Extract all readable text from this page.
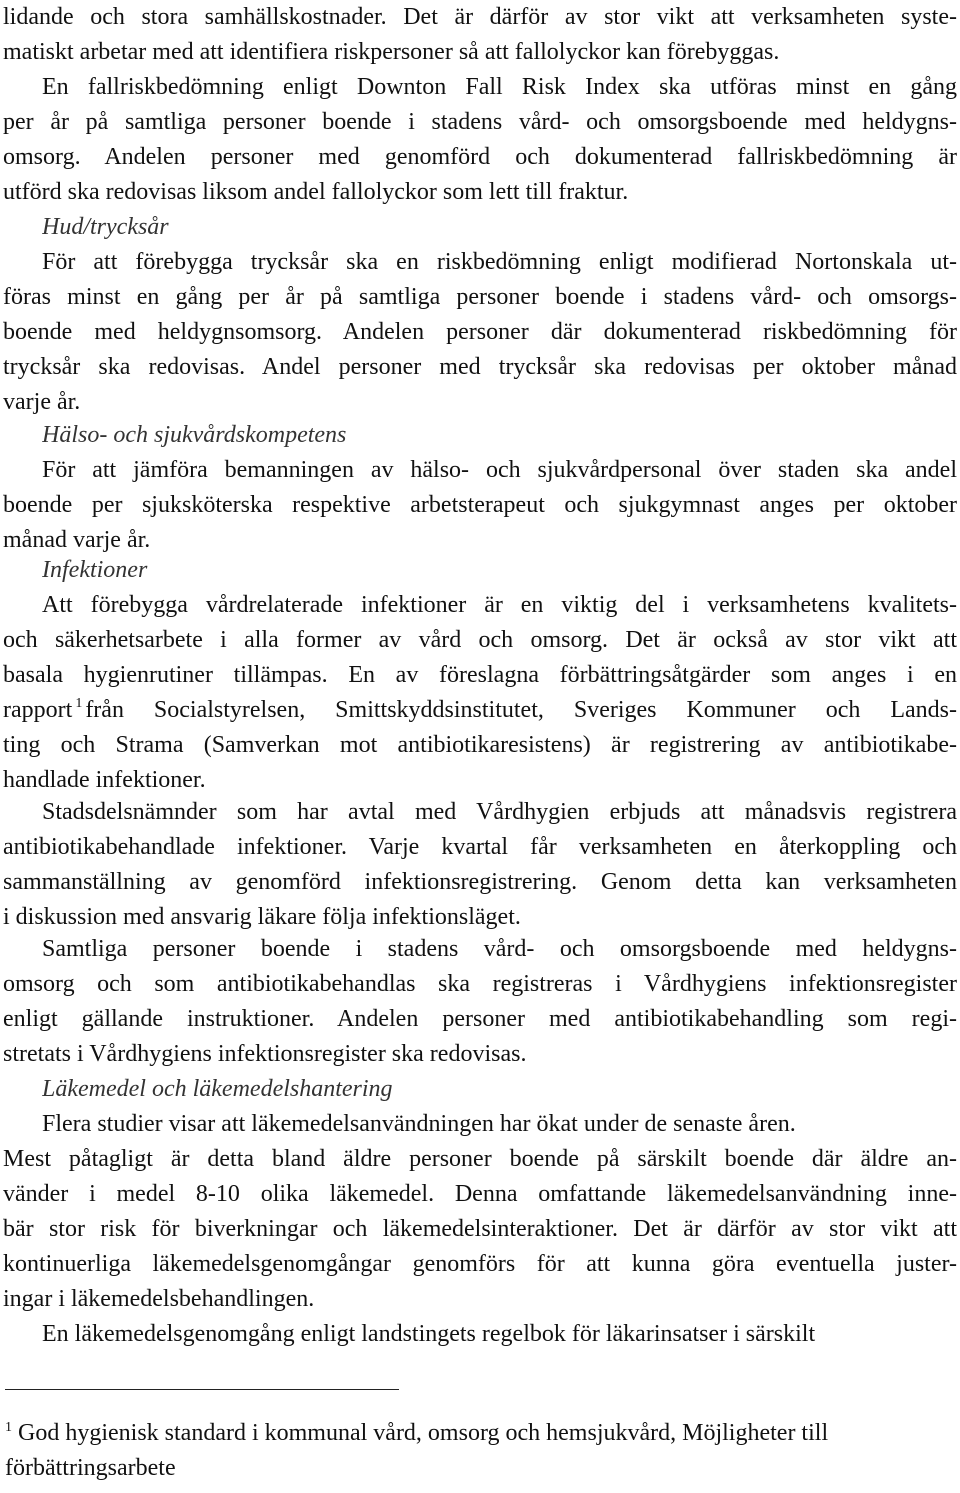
lidande och stora samhällskostnader. Det är därför av stor vikt att verksamheten syste-
matiskt arbetar med att identifiera riskpersoner så att fallolyckor kan förebyggas.
En fallriskbedömning enligt Downton Fall Risk Index ska utföras minst en gång
per år på samtliga personer boende i stadens vård- och omsorgsboende med heldygns-
omsorg. Andelen personer med genomförd och dokumenterad fallriskbedömning är
utförd ska redovisas liksom andel fallolyckor som lett till fraktur.
Hud/trycksår
För att förebygga trycksår ska en riskbedömning enligt modifierad Nortonskala ut-
föras minst en gång per år på samtliga personer boende i stadens vård- och omsorgs-
boende med heldygnsomsorg. Andelen personer där dokumenterad riskbedömning för
trycksår ska redovisas. Andel personer med trycksår ska redovisas per oktober månad
varje år.
Hälso- och sjukvårdskompetens
För att jämföra bemanningen av hälso- och sjukvårdpersonal över staden ska andel
boende per sjuksköterska respektive arbetsterapeut och sjukgymnast anges per oktober
månad varje år.
Infektioner
Att förebygga vårdrelaterade infektioner är en viktig del i verksamhetens kvalitets-
och säkerhetsarbete i alla former av vård och omsorg. Det är också av stor vikt att
basala hygienrutiner tillämpas. En av föreslagna förbättringsåtgärder som anges i en
rapport $^1$ från Socialstyrelsen, Smittskyddsinstitutet, Sveriges Kommuner och Lands-
ting och Strama (Samverkan mot antibiotikaresistens) är registrering av antibiotikabe-
handlade infektioner.
Stadsdelsnämnder som har avtal med Vårdhygien erbjuds att månadsvis registrera
antibiotikabehandlade infektioner. Varje kvartal får verksamheten en återkoppling och
sammanställning av genomförd infektionsregistrering. Genom detta kan verksamheten
i diskussion med ansvarig läkare följa infektionsläget.
Samtliga personer boende i stadens vård- och omsorgsboende med heldygns-
omsorg och som antibiotikabehandlas ska registreras i Vårdhygiens infektionsregister
enligt gällande instruktioner. Andelen personer med antibiotikabehandling som regi-
stretats i Vårdhygiens infektionsregister ska redovisas.
Läkemedel och läkemedelshantering
Flera studier visar att läkemedelsanvändningen har ökat under de senaste åren.
Mest påtagligt är detta bland äldre personer boende på särskilt boende där äldre an-
vänder i medel 8-10 olika läkemedel. Denna omfattande läkemedelsanvändning inne-
bär stor risk för biverkningar och läkemedelsinteraktioner. Det är därför av stor vikt att
kontinuerliga läkemedelsgenomgångar genomförs för att kunna göra eventuella juster-
ingar i läkemedelsbehandlingen.
En läkemedelsgenomgång enligt landstingets regelbok för läkarinsatser i särskilt
$^1$ God hygienisk standard i kommunal vård, omsorg och hemsjukvård, Möjligheter till
förbättringsarbete
